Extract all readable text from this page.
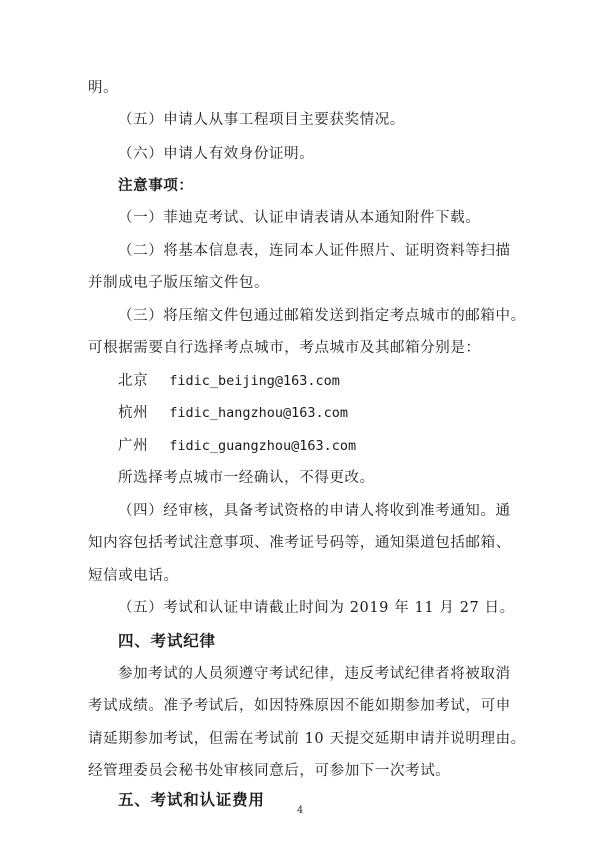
明。
（五）申请人从事工程项目主要获奖情况。
（六）申请人有效身份证明。
注意事项：
（一）菲迪克考试、认证申请表请从本通知附件下载。
（二）将基本信息表，连同本人证件照片、证明资料等扫描
并制成电子版压缩文件包。
（三）将压缩文件包通过邮箱发送到指定考点城市的邮箱中。
可根据需要自行选择考点城市，考点城市及其邮箱分别是：
北京 fidic_beijing@163.com
杭州 fidic_hangzhou@163.com
广州 fidic_guangzhou@163.com
所选择考点城市一经确认，不得更改。
（四）经审核，具备考试资格的申请人将收到准考通知。通
知内容包括考试注意事项、准考证号码等，通知渠道包括邮箱、
短信或电话。
（五）考试和认证申请截止时间为 2019 年 11 月 27 日。
四、考试纪律
参加考试的人员须遵守考试纪律，违反考试纪律者将被取消
考试成绩。准予考试后，如因特殊原因不能如期参加考试，可申
请延期参加考试，但需在考试前 10 天提交延期申请并说明理由。
经管理委员会秘书处审核同意后，可参加下一次考试。
五、考试和认证费用
4
